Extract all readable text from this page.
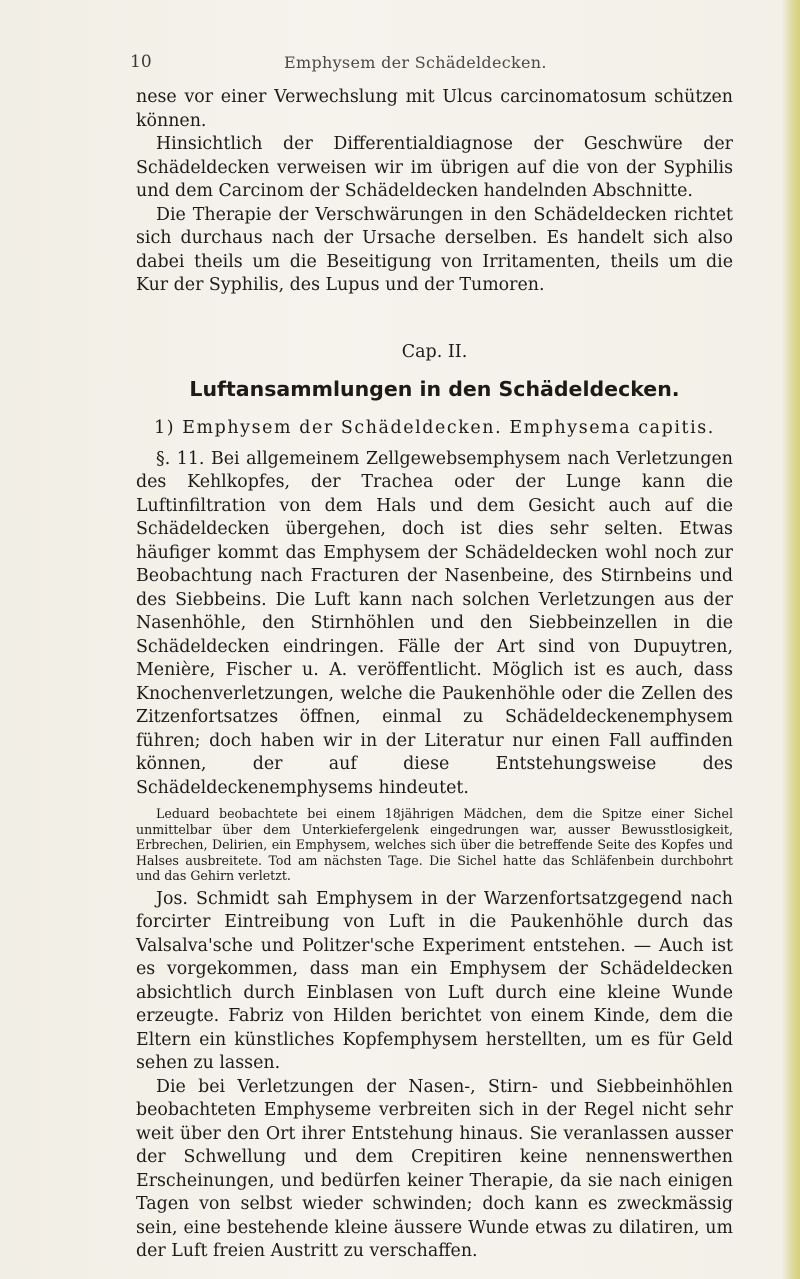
10	Emphysem der Schädeldecken.

nese vor einer Verwechslung mit Ulcus carcinomatosum schützen können.

Hinsichtlich der Differentialdiagnose der Geschwüre der Schädeldecken verweisen wir im übrigen auf die von der Syphilis und dem Carcinom der Schädeldecken handelnden Abschnitte.

Die Therapie der Verschwärungen in den Schädeldecken richtet sich durchaus nach der Ursache derselben. Es handelt sich also dabei theils um die Beseitigung von Irritamenten, theils um die Kur der Syphilis, des Lupus und der Tumoren.

Cap. II.
Luftansammlungen in den Schädeldecken.
1) Emphysem der Schädeldecken. Emphysema capitis.

§. 11. Bei allgemeinem Zellgewebsemphysem nach Verletzungen des Kehlkopfes, der Trachea oder der Lunge kann die Luftinfiltration von dem Hals und dem Gesicht auch auf die Schädeldecken übergehen, doch ist dies sehr selten. Etwas häufiger kommt das Emphysem der Schädeldecken wohl noch zur Beobachtung nach Fracturen der Nasenbeine, des Stirnbeins und des Siebbeins. Die Luft kann nach solchen Verletzungen aus der Nasenhöhle, den Stirnhöhlen und den Siebbeinzellen in die Schädeldecken eindringen. Fälle der Art sind von Dupuytren, Menière, Fischer u. A. veröffentlicht. Möglich ist es auch, dass Knochenverletzungen, welche die Paukenhöhle oder die Zellen des Zitzenfortsatzes öffnen, einmal zu Schädeldeckenemphysem führen; doch haben wir in der Literatur nur einen Fall auffinden können, der auf diese Entstehungsweise des Schädeldeckenemphysems hindeutet.

Leduard beobachtete bei einem 18jährigen Mädchen, dem die Spitze einer Sichel unmittelbar über dem Unterkiefergelenk eingedrungen war, ausser Bewusstlosigkeit, Erbrechen, Delirien, ein Emphysem, welches sich über die betreffende Seite des Kopfes und Halses ausbreitete. Tod am nächsten Tage. Die Sichel hatte das Schläfenbein durchbohrt und das Gehirn verletzt.

Jos. Schmidt sah Emphysem in der Warzenfortsatzgegend nach forcirter Eintreibung von Luft in die Paukenhöhle durch das Valsalva'sche und Politzer'sche Experiment entstehen. — Auch ist es vorgekommen, dass man ein Emphysem der Schädeldecken absichtlich durch Einblasen von Luft durch eine kleine Wunde erzeugte. Fabriz von Hilden berichtet von einem Kinde, dem die Eltern ein künstliches Kopfemphysem herstellten, um es für Geld sehen zu lassen.

Die bei Verletzungen der Nasen-, Stirn- und Siebbeinhöhlen beobachteten Emphyseme verbreiten sich in der Regel nicht sehr weit über den Ort ihrer Entstehung hinaus. Sie veranlassen ausser der Schwellung und dem Crepitiren keine nennenswerthen Erscheinungen, und bedürfen keiner Therapie, da sie nach einigen Tagen von selbst wieder schwinden; doch kann es zweckmässig sein, eine bestehende kleine äussere Wunde etwas zu dilatiren, um der Luft freien Austritt zu verschaffen.
